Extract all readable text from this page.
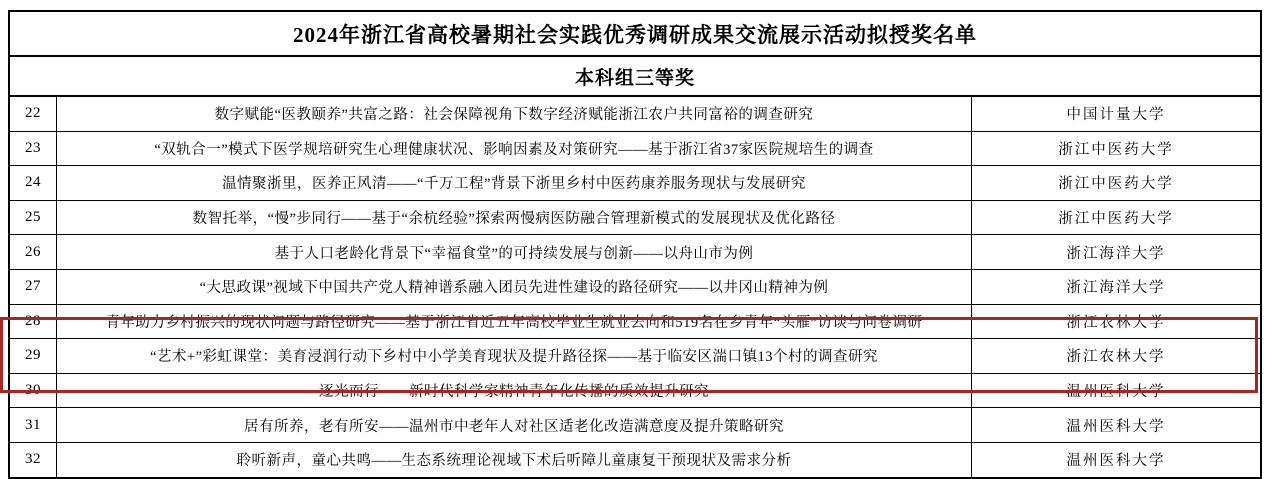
2024年浙江省高校暑期社会实践优秀调研成果交流展示活动拟授奖名单
本科组三等奖
22	数字赋能“医教颐养”共富之路：社会保障视角下数字经济赋能浙江农户共同富裕的调查研究	中国计量大学
23	“双轨合一”模式下医学规培研究生心理健康状况、影响因素及对策研究——基于浙江省37家医院规培生的调查	浙江中医药大学
24	温情聚浙里，医养正风清——“千万工程”背景下浙里乡村中医药康养服务现状与发展研究	浙江中医药大学
25	数智托举，“慢”步同行——基于“余杭经验”探索两慢病医防融合管理新模式的发展现状及优化路径	浙江中医药大学
26	基于人口老龄化背景下“幸福食堂”的可持续发展与创新——以舟山市为例	浙江海洋大学
27	“大思政课”视域下中国共产党人精神谱系融入团员先进性建设的路径研究——以井冈山精神为例	浙江海洋大学
28	青年助力乡村振兴的现状问题与路径研究——基于浙江省近五年高校毕业生就业去向和519名在乡青年“头雁”访谈与问卷调研	浙江农林大学
29	“艺术+”彩虹课堂：美育浸润行动下乡村中小学美育现状及提升路径探——基于临安区湍口镇13个村的调查研究	浙江农林大学
30	逐光而行——新时代科学家精神青年化传播的质效提升研究	温州医科大学
31	居有所养，老有所安——温州市中老年人对社区适老化改造满意度及提升策略研究	温州医科大学
32	聆听新声，童心共鸣——生态系统理论视域下术后听障儿童康复干预现状及需求分析	温州医科大学
